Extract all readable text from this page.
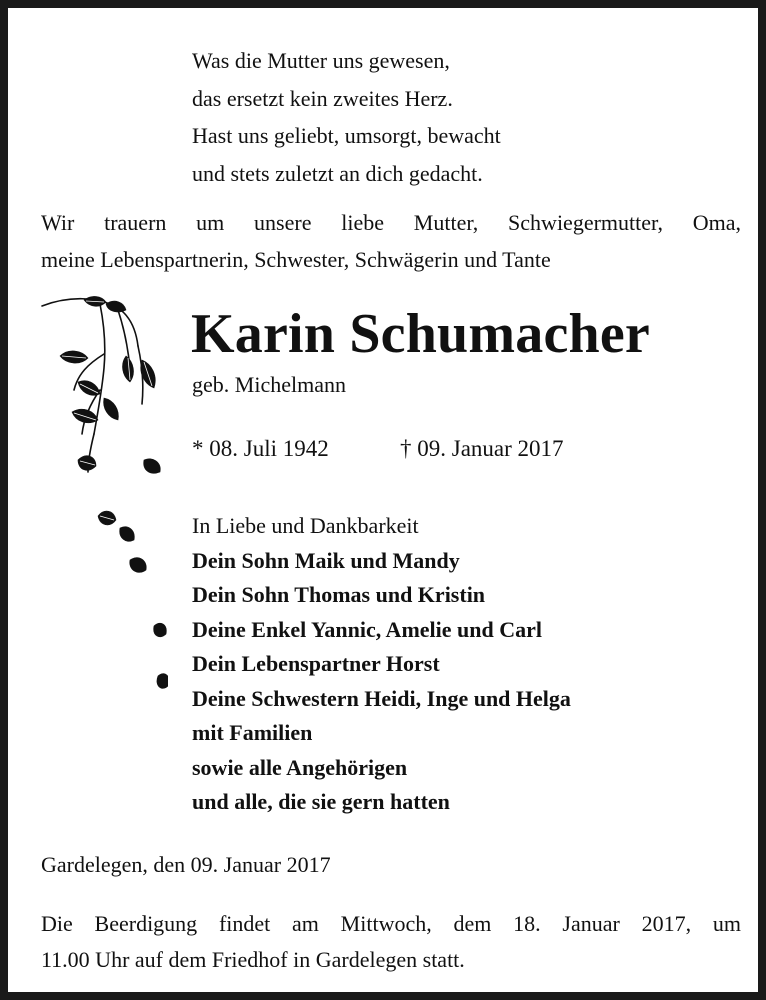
Was die Mutter uns gewesen,
das ersetzt kein zweites Herz.
Hast uns geliebt, umsorgt, bewacht
und stets zuletzt an dich gedacht.
Wir trauern um unsere liebe Mutter, Schwiegermutter, Oma,
meine Lebenspartnerin, Schwester, Schwägerin und Tante
Karin Schumacher
geb. Michelmann
* 08. Juli 1942	† 09. Januar 2017
In Liebe und Dankbarkeit
Dein Sohn Maik und Mandy
Dein Sohn Thomas und Kristin
Deine Enkel Yannic, Amelie und Carl
Dein Lebenspartner Horst
Deine Schwestern Heidi, Inge und Helga
mit Familien
sowie alle Angehörigen
und alle, die sie gern hatten
Gardelegen, den 09. Januar 2017
Die Beerdigung findet am Mittwoch, dem 18. Januar 2017, um
11.00 Uhr auf dem Friedhof in Gardelegen statt.
